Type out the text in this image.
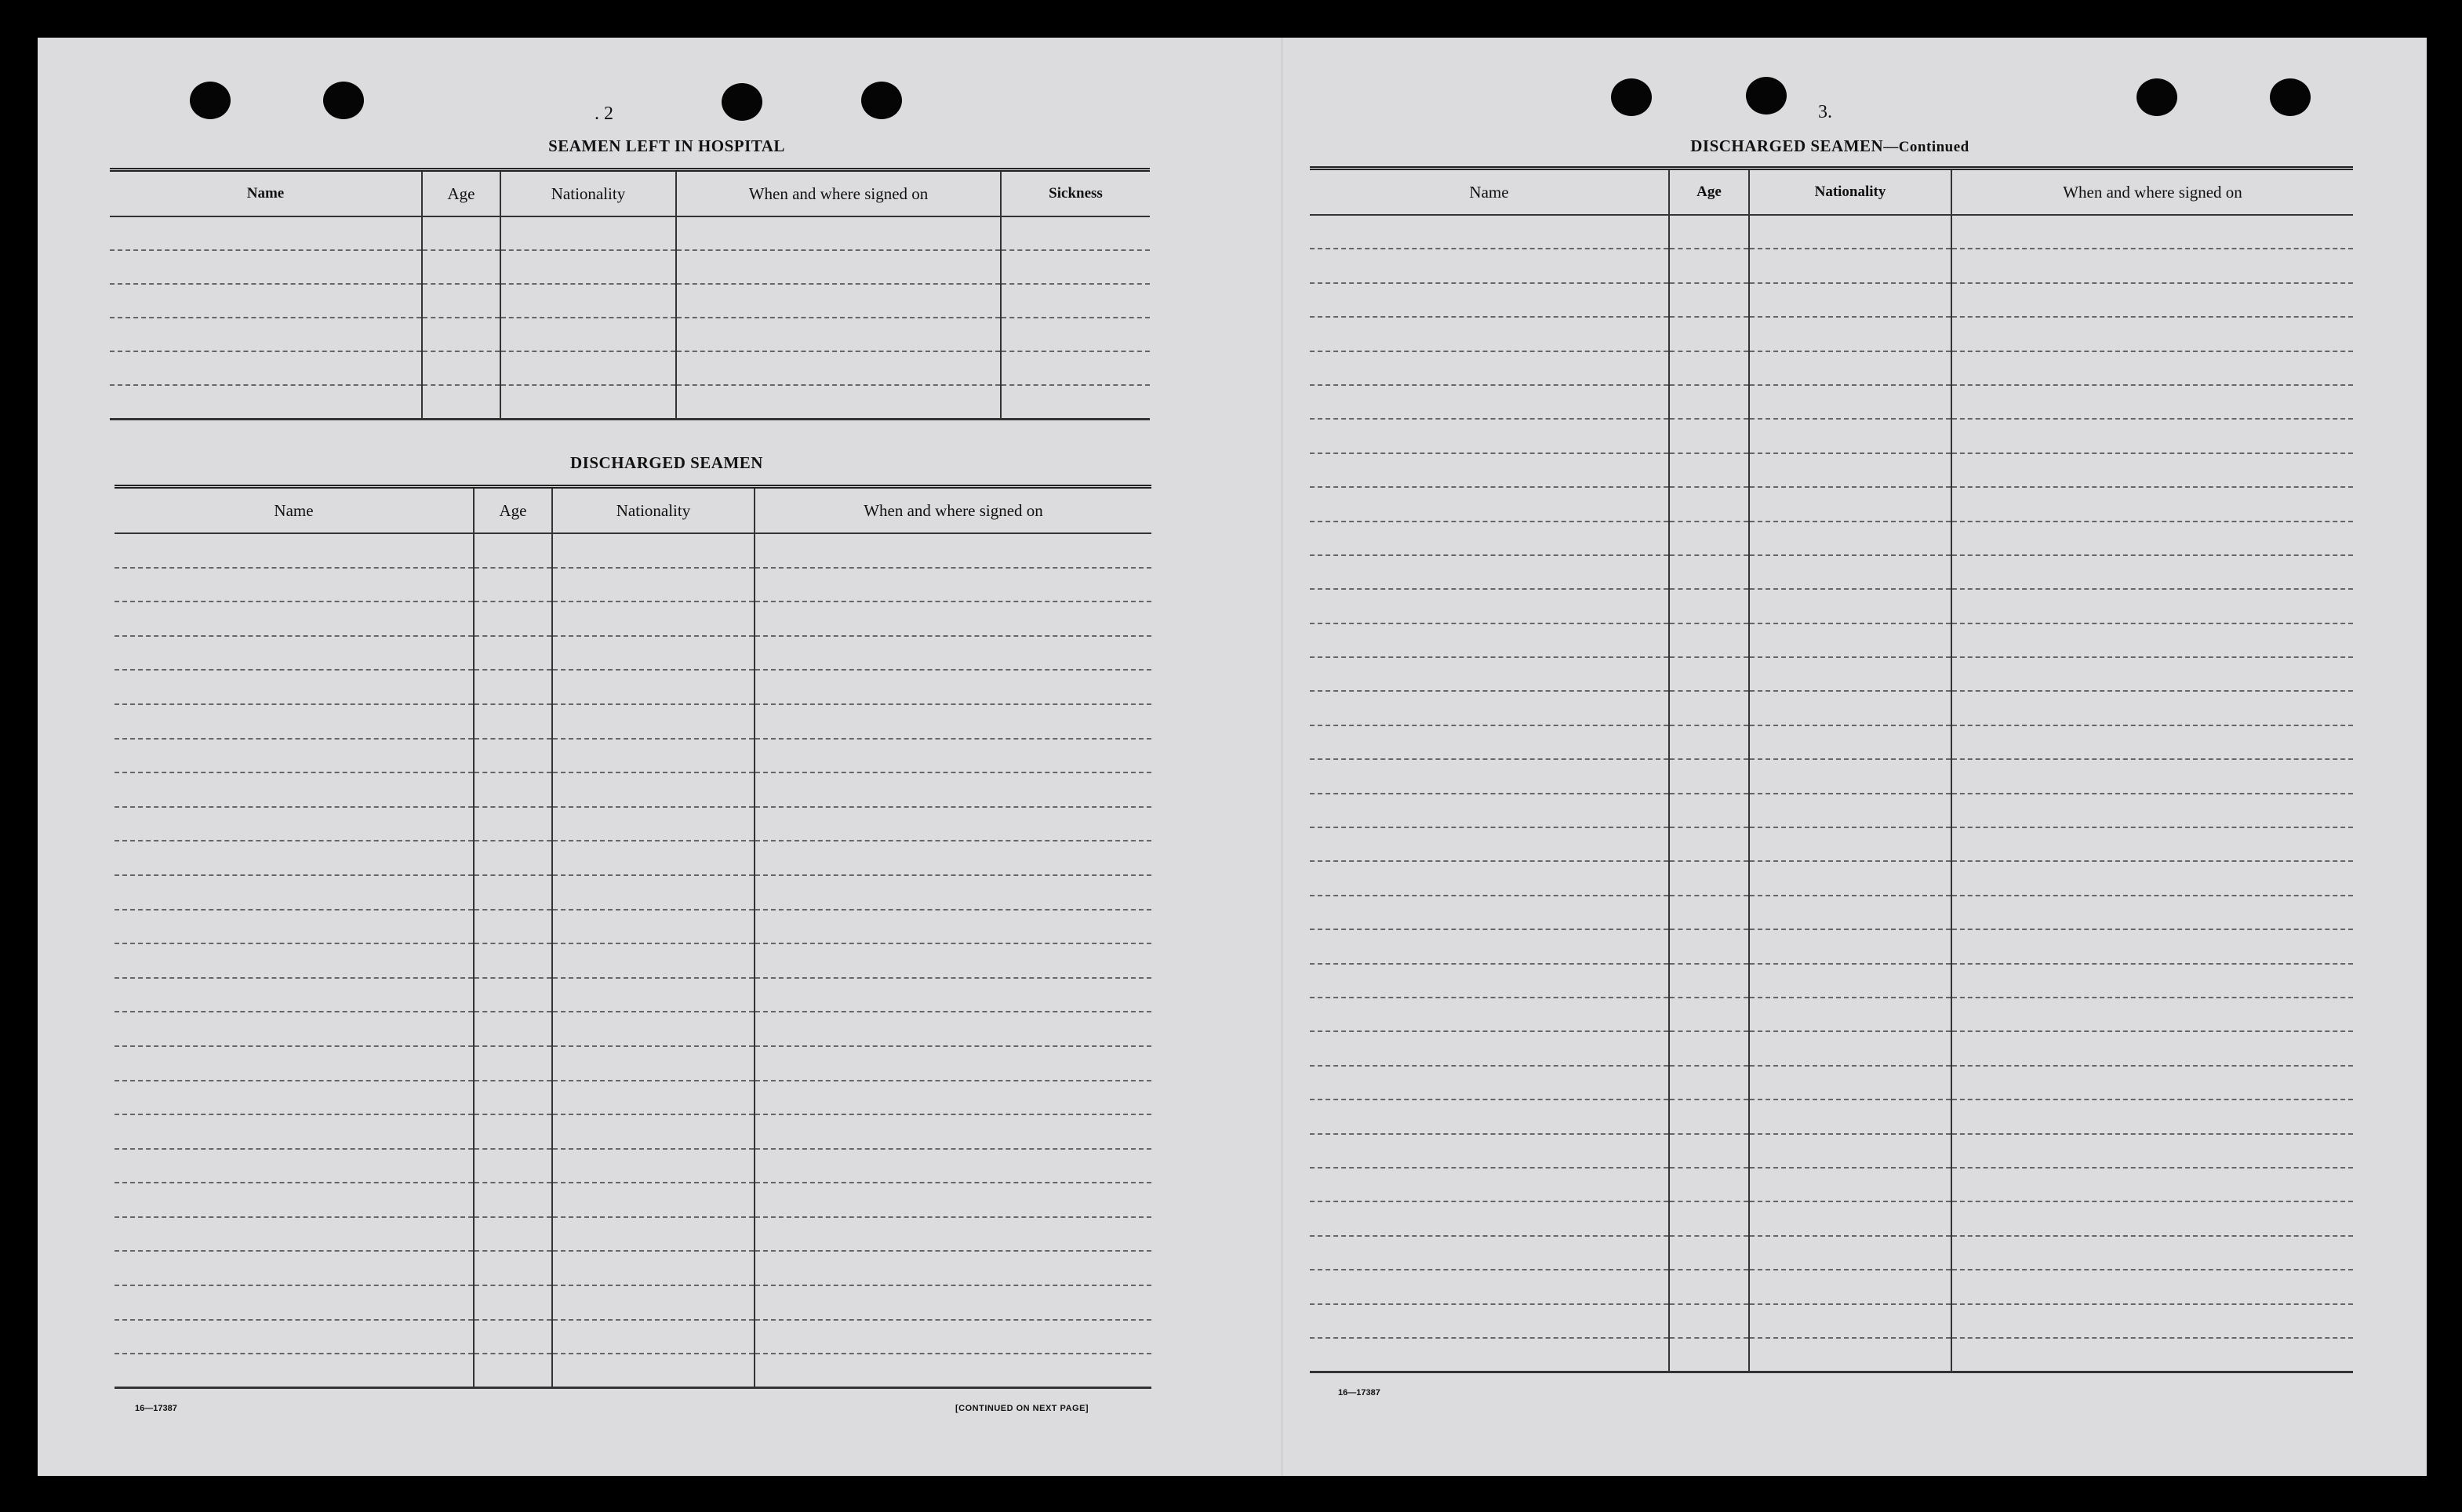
. 2
SEAMEN LEFT IN HOSPITAL
Name	Age	Nationality	When and where signed on	Sickness

DISCHARGED SEAMEN
Name	Age	Nationality	When and where signed on

16—17387	[CONTINUED ON NEXT PAGE]
3.
DISCHARGED SEAMEN—Continued
Name	Age	Nationality	When and where signed on

16—17387
